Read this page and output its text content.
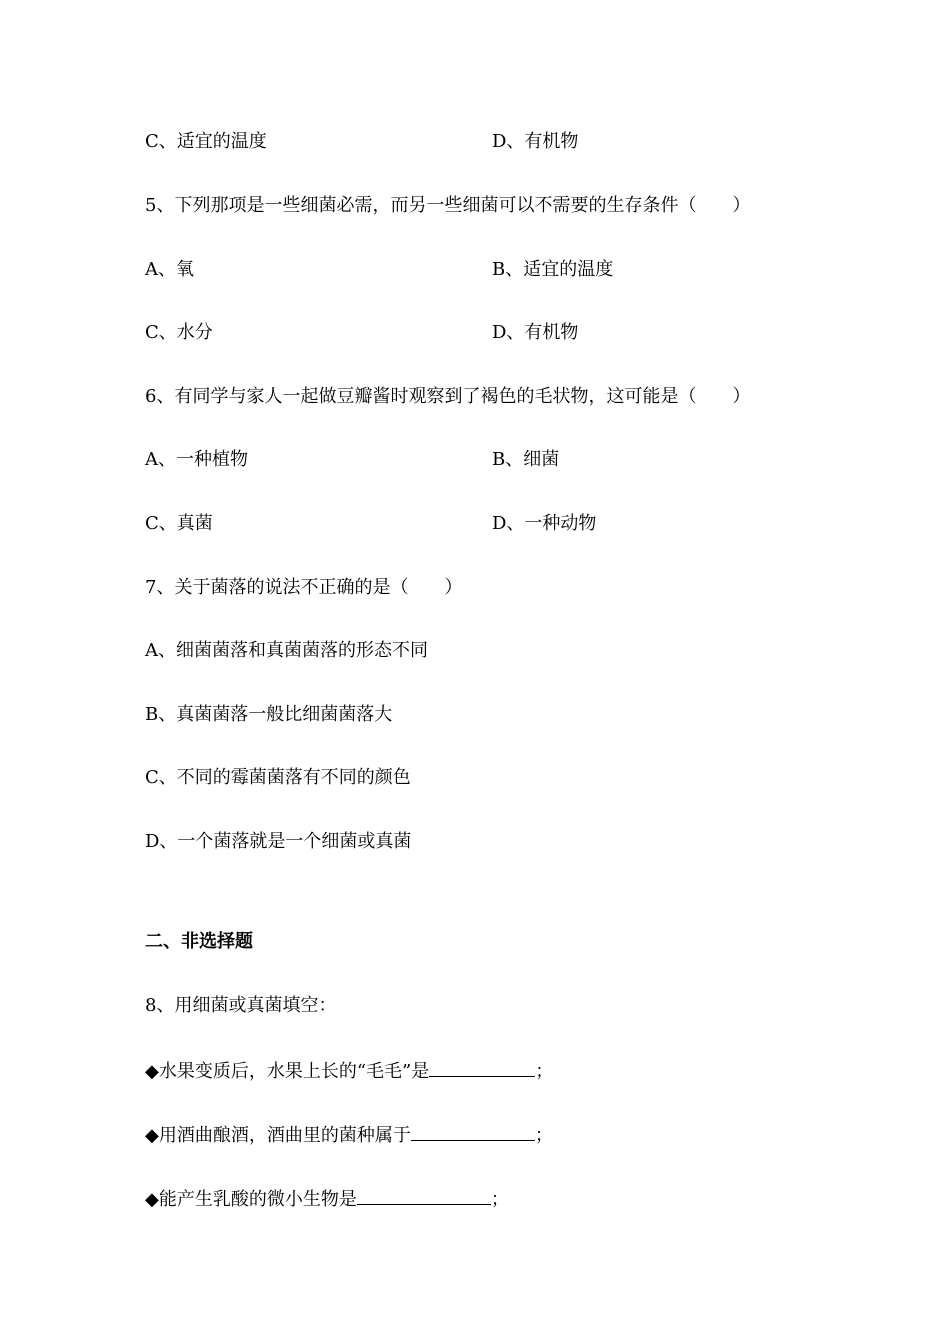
C、适宜的温度	D、有机物
5、下列那项是一些细菌必需，而另一些细菌可以不需要的生存条件（　　）
A、氧	B、适宜的温度
C、水分	D、有机物
6、有同学与家人一起做豆瓣酱时观察到了褐色的毛状物，这可能是（　　）
A、一种植物	B、细菌
C、真菌	D、一种动物
7、关于菌落的说法不正确的是（　　）
A、细菌菌落和真菌菌落的形态不同
B、真菌菌落一般比细菌菌落大
C、不同的霉菌菌落有不同的颜色
D、一个菌落就是一个细菌或真菌
二、非选择题
8、用细菌或真菌填空：
◆水果变质后，水果上长的“毛毛”是	；
◆用酒曲酿酒，酒曲里的菌种属于	；
◆能产生乳酸的微小生物是	；
